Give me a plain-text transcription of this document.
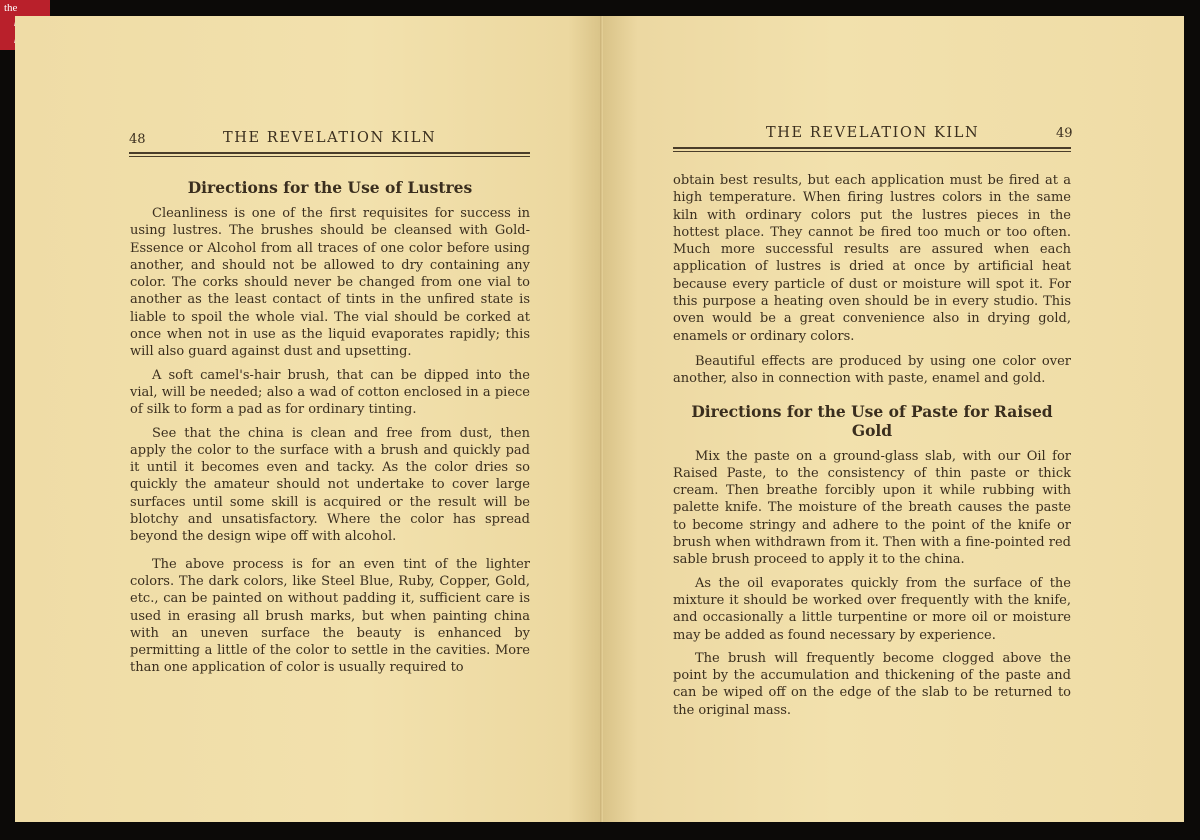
the
48	THE REVELATION KILN
Directions for the Use of Lustres

Cleanliness is one of the first requisites for success in using lustres. The brushes should be cleansed with Gold-Essence or Alcohol from all traces of one color before using another, and should not be allowed to dry containing any color. The corks should never be changed from one vial to another as the least contact of tints in the unfired state is liable to spoil the whole vial. The vial should be corked at once when not in use as the liquid evaporates rapidly; this will also guard against dust and upsetting.

A soft camel's-hair brush, that can be dipped into the vial, will be needed; also a wad of cotton enclosed in a piece of silk to form a pad as for ordinary tinting.

See that the china is clean and free from dust, then apply the color to the surface with a brush and quickly pad it until it becomes even and tacky. As the color dries so quickly the amateur should not undertake to cover large surfaces until some skill is acquired or the result will be blotchy and unsatisfactory. Where the color has spread beyond the design wipe off with alcohol.

The above process is for an even tint of the lighter colors. The dark colors, like Steel Blue, Ruby, Copper, Gold, etc., can be painted on without padding it, sufficient care is used in erasing all brush marks, but when painting china with an uneven surface the beauty is enhanced by permitting a little of the color to settle in the cavities. More than one application of color is usually required to

THE REVELATION KILN	49

obtain best results, but each application must be fired at a high temperature. When firing lustres colors in the same kiln with ordinary colors put the lustres pieces in the hottest place. They cannot be fired too much or too often. Much more successful results are assured when each application of lustres is dried at once by artificial heat because every particle of dust or moisture will spot it. For this purpose a heating oven should be in every studio. This oven would be a great convenience also in drying gold, enamels or ordinary colors.

Beautiful effects are produced by using one color over another, also in connection with paste, enamel and gold.

Directions for the Use of Paste for Raised Gold

Mix the paste on a ground-glass slab, with our Oil for Raised Paste, to the consistency of thin paste or thick cream. Then breathe forcibly upon it while rubbing with palette knife. The moisture of the breath causes the paste to become stringy and adhere to the point of the knife or brush when withdrawn from it. Then with a fine-pointed red sable brush proceed to apply it to the china.

As the oil evaporates quickly from the surface of the mixture it should be worked over frequently with the knife, and occasionally a little turpentine or more oil or moisture may be added as found necessary by experience.

The brush will frequently become clogged above the point by the accumulation and thickening of the paste and can be wiped off on the edge of the slab to be returned to the original mass.
